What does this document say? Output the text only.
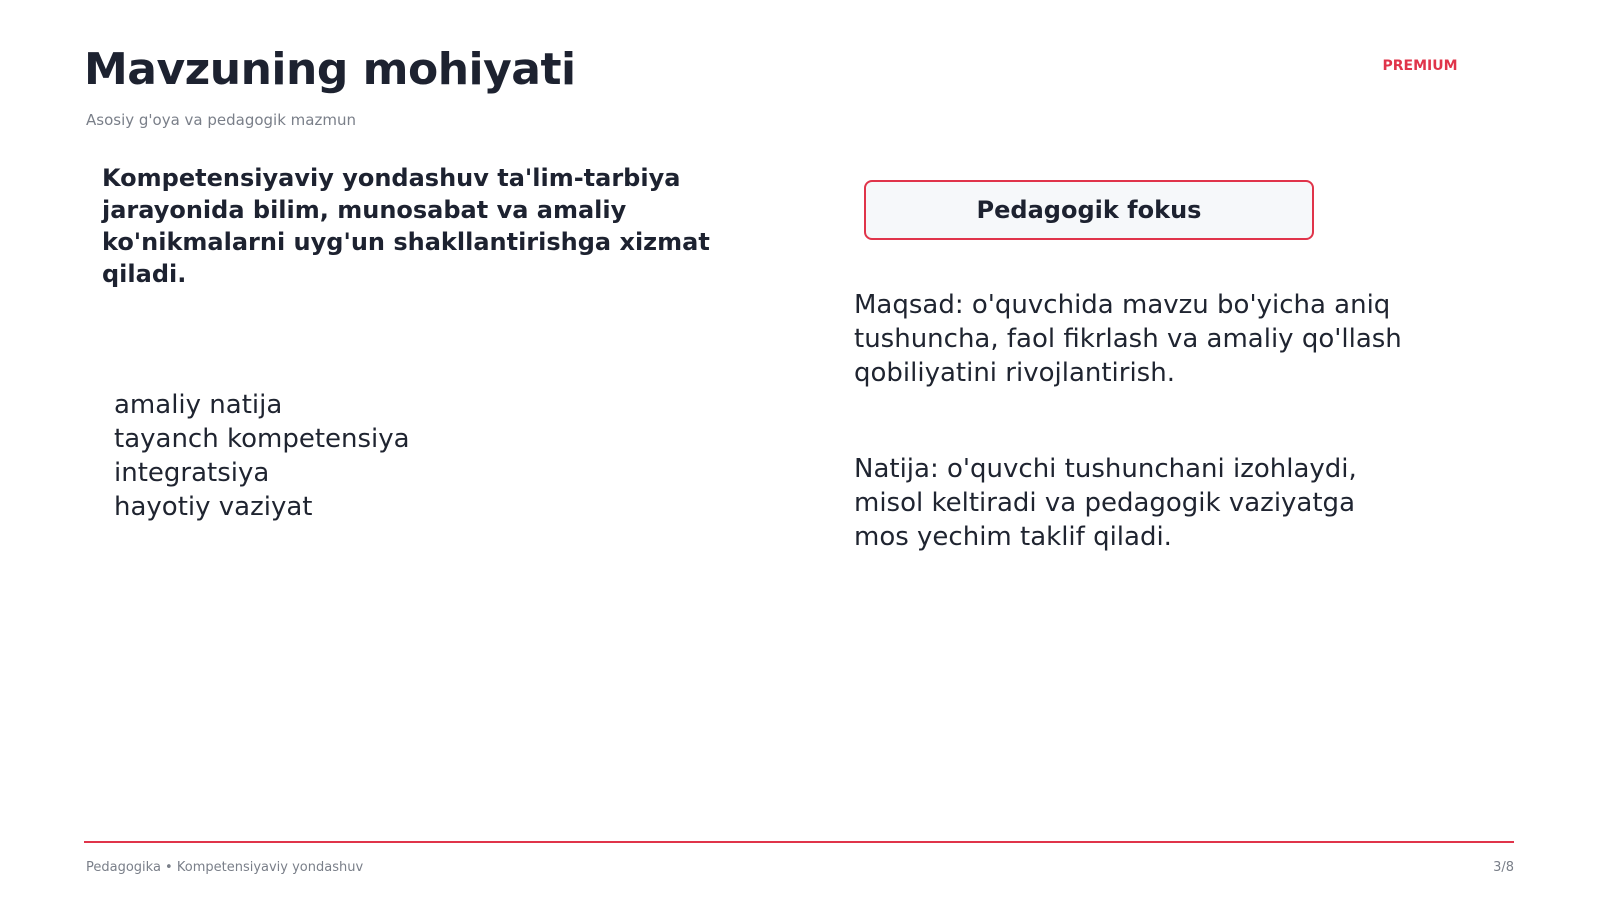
Mavzuning mohiyati
Asosiy g'oya va pedagogik mazmun
PREMIUM
Kompetensiyaviy yondashuv ta'lim-tarbiya jarayonida bilim, munosabat va amaliy ko'nikmalarni uyg'un shakllantirishga xizmat qiladi.
amaliy natija
tayanch kompetensiya
integratsiya
hayotiy vaziyat
Pedagogik fokus
Maqsad: o'quvchida mavzu bo'yicha aniq tushuncha, faol fikrlash va amaliy qo'llash qobiliyatini rivojlantirish.
Natija: o'quvchi tushunchani izohlaydi, misol keltiradi va pedagogik vaziyatga mos yechim taklif qiladi.
Pedagogika • Kompetensiyaviy yondashuv	3/8
